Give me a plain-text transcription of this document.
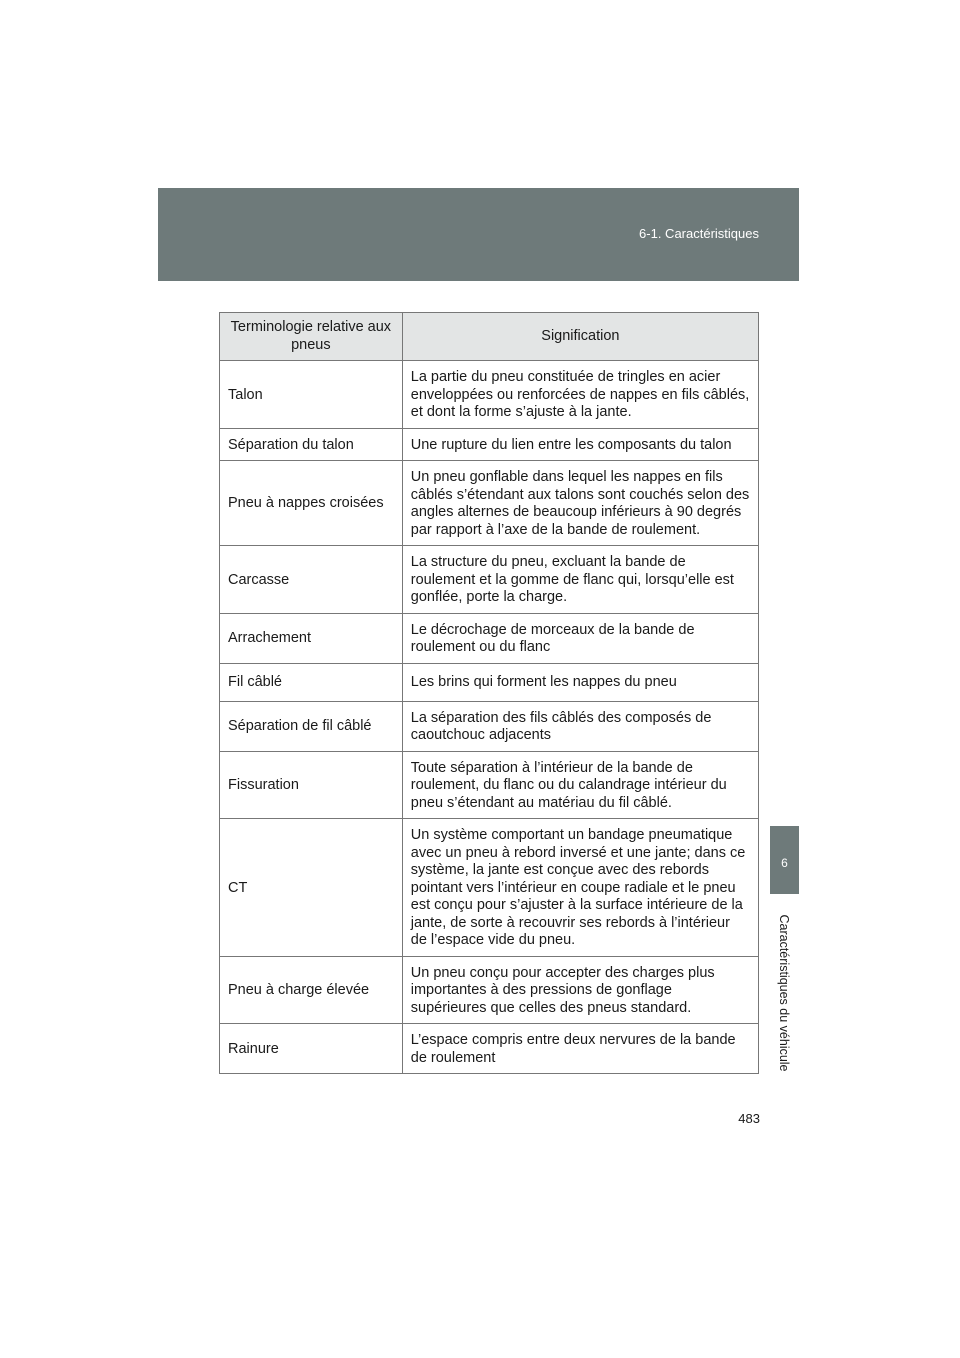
6-1. Caractéristiques
6
Caractéristiques du véhicule
Terminologie relative aux pneus	Signification
Talon	La partie du pneu constituée de tringles en acier enveloppées ou renforcées de nappes en fils câblés, et dont la forme s’ajuste à la jante.
Séparation du talon	Une rupture du lien entre les composants du talon
Pneu à nappes croisées	Un pneu gonflable dans lequel les nappes en fils câblés s’étendant aux talons sont couchés selon des angles alternes de beaucoup inférieurs à 90 degrés par rapport à l’axe de la bande de roulement.
Carcasse	La structure du pneu, excluant la bande de roulement et la gomme de flanc qui, lorsqu’elle est gonflée, porte la charge.
Arrachement	Le décrochage de morceaux de la bande de roulement ou du flanc
Fil câblé	Les brins qui forment les nappes du pneu
Séparation de fil câblé	La séparation des fils câblés des composés de caoutchouc adjacents
Fissuration	Toute séparation à l’intérieur de la bande de roulement, du flanc ou du calandrage intérieur du pneu s’étendant au matériau du fil câblé.
CT	Un système comportant un bandage pneumatique avec un pneu à rebord inversé et une jante; dans ce système, la jante est conçue avec des rebords pointant vers l’intérieur en coupe radiale et le pneu est conçu pour s’ajuster à la surface intérieure de la jante, de sorte à recouvrir ses rebords à l’intérieur de l’espace vide du pneu.
Pneu à charge élevée	Un pneu conçu pour accepter des charges plus importantes à des pressions de gonflage supérieures que celles des pneus standard.
Rainure	L’espace compris entre deux nervures de la bande de roulement
483
